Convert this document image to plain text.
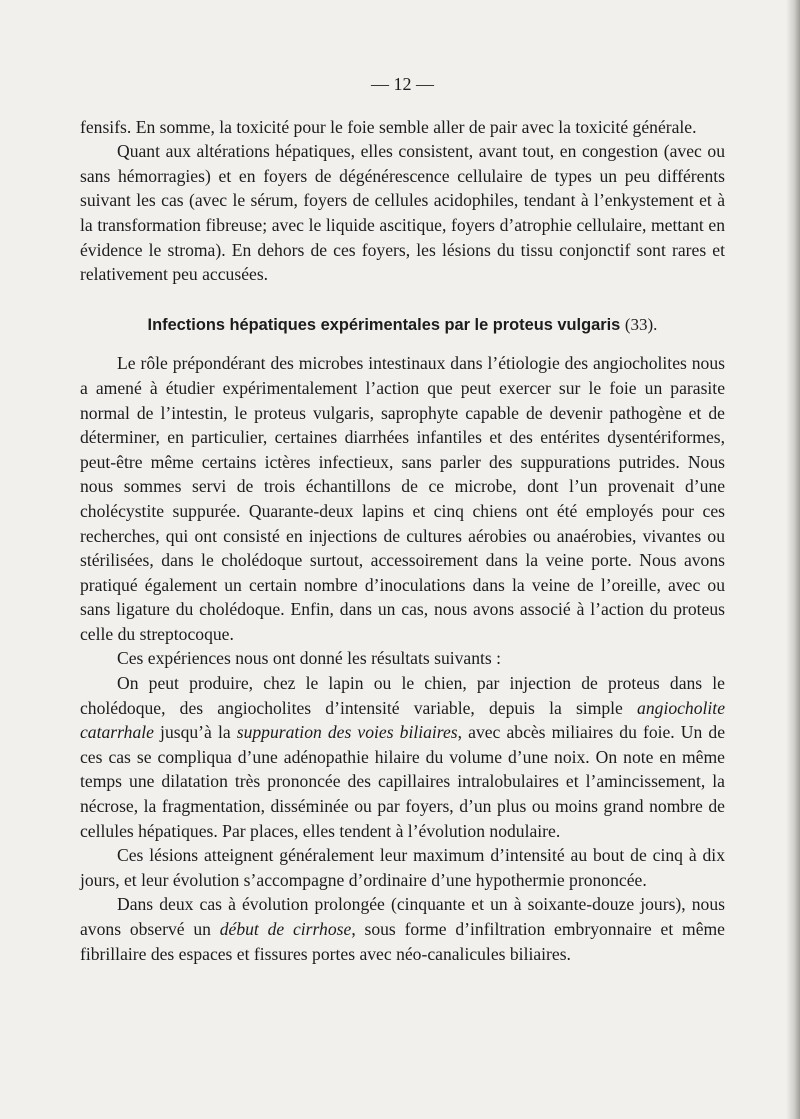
— 12 —

fensifs. En somme, la toxicité pour le foie semble aller de pair avec la toxicité générale.

Quant aux altérations hépatiques, elles consistent, avant tout, en congestion (avec ou sans hémorragies) et en foyers de dégénérescence cellulaire de types un peu différents suivant les cas (avec le sérum, foyers de cellules acidophiles, tendant à l’enkystement et à la transformation fibreuse; avec le liquide ascitique, foyers d’atrophie cellulaire, mettant en évidence le stroma). En dehors de ces foyers, les lésions du tissu conjonctif sont rares et relativement peu accusées.

Infections hépatiques expérimentales par le proteus vulgaris (33).

Le rôle prépondérant des microbes intestinaux dans l’étiologie des angiocholites nous a amené à étudier expérimentalement l’action que peut exercer sur le foie un parasite normal de l’intestin, le proteus vulgaris, saprophyte capable de devenir pathogène et de déterminer, en particulier, certaines diarrhées infantiles et des entérites dysentériformes, peut-être même certains ictères infectieux, sans parler des suppurations putrides. Nous nous sommes servi de trois échantillons de ce microbe, dont l’un provenait d’une cholécystite suppurée. Quarante-deux lapins et cinq chiens ont été employés pour ces recherches, qui ont consisté en injections de cultures aérobies ou anaérobies, vivantes ou stérilisées, dans le cholédoque surtout, accessoirement dans la veine porte. Nous avons pratiqué également un certain nombre d’inoculations dans la veine de l’oreille, avec ou sans ligature du cholédoque. Enfin, dans un cas, nous avons associé à l’action du proteus celle du streptocoque.

Ces expériences nous ont donné les résultats suivants :

On peut produire, chez le lapin ou le chien, par injection de proteus dans le cholédoque, des angiocholites d’intensité variable, depuis la simple angiocholite catarrhale jusqu’à la suppuration des voies biliaires, avec abcès miliaires du foie. Un de ces cas se compliqua d’une adénopathie hilaire du volume d’une noix. On note en même temps une dilatation très prononcée des capillaires intralobulaires et l’amincissement, la nécrose, la fragmentation, disséminée ou par foyers, d’un plus ou moins grand nombre de cellules hépatiques. Par places, elles tendent à l’évolution nodulaire.

Ces lésions atteignent généralement leur maximum d’intensité au bout de cinq à dix jours, et leur évolution s’accompagne d’ordinaire d’une hypothermie prononcée.

Dans deux cas à évolution prolongée (cinquante et un à soixante-douze jours), nous avons observé un début de cirrhose, sous forme d’infiltration embryonnaire et même fibrillaire des espaces et fissures portes avec néo-canalicules biliaires.
